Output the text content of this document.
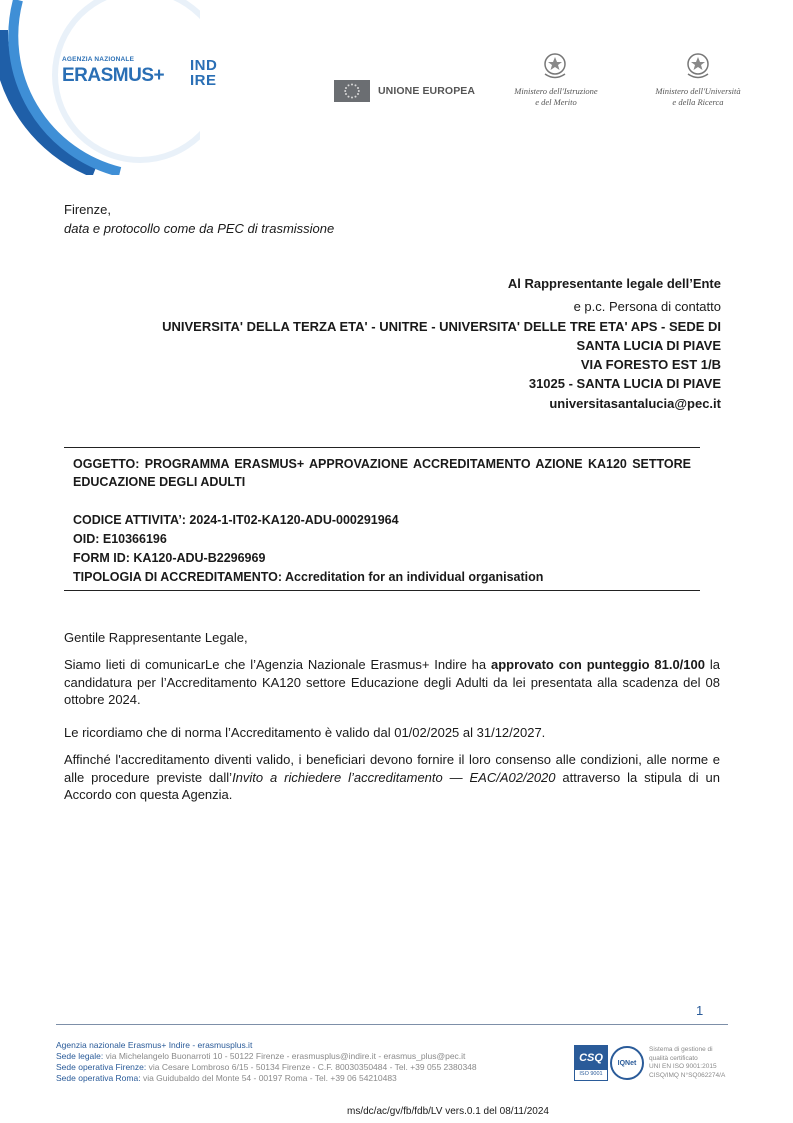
AGENZIA NAZIONALE
ERASMUS+ IND
IRE
UNIONE EUROPEA	Ministero dell'Istruzione
e del Merito
Ministero dell'Università
e della Ricerca
Firenze,
data e protocollo come da PEC di trasmissione
Al Rappresentante legale dell’Ente
e p.c. Persona di contatto
UNIVERSITA' DELLA TERZA ETA' - UNITRE - UNIVERSITA' DELLE TRE ETA' APS - SEDE DI
SANTA LUCIA DI PIAVE
VIA FORESTO EST 1/B
31025 - SANTA LUCIA DI PIAVE
universitasantalucia@pec.it
OGGETTO: PROGRAMMA ERASMUS+ APPROVAZIONE ACCREDITAMENTO AZIONE KA120 SETTORE EDUCAZIONE DEGLI ADULTI
CODICE ATTIVITA’: 2024-1-IT02-KA120-ADU-000291964
OID: E10366196
FORM ID: KA120-ADU-B2296969
TIPOLOGIA DI ACCREDITAMENTO: Accreditation for an individual organisation
Gentile Rappresentante Legale,
Siamo lieti di comunicarLe che l’Agenzia Nazionale Erasmus+ Indire ha approvato con punteggio 81.0/100 la candidatura per l’Accreditamento KA120 settore Educazione degli Adulti da lei presentata alla scadenza del 08 ottobre 2024.
Le ricordiamo che di norma l’Accreditamento è valido dal 01/02/2025 al 31/12/2027.
Affinché l'accreditamento diventi valido, i beneficiari devono fornire il loro consenso alle condizioni, alle norme e alle procedure previste dall’Invito a richiedere l’accreditamento — EAC/A02/2020 attraverso la stipula di un Accordo con questa Agenzia.
1
Agenzia nazionale Erasmus+ Indire - erasmusplus.it
Sede legale: via Michelangelo Buonarroti 10 - 50122 Firenze - erasmusplus@indire.it - erasmus_plus@pec.it
Sede operativa Firenze: via Cesare Lombroso 6/15 - 50134 Firenze - C.F. 80030350484 - Tel. +39 055 2380348
Sede operativa Roma: via Guidubaldo del Monte 54 - 00197 Roma - Tel. +39 06 54210483
CSQ
ISO 9001
IQNet
Sistema di gestione di
qualità certificato
UNI EN ISO 9001:2015
CISQ/IMQ N°SQ062274/A
ms/dc/ac/gv/fb/fdb/LV vers.0.1 del 08/11/2024
